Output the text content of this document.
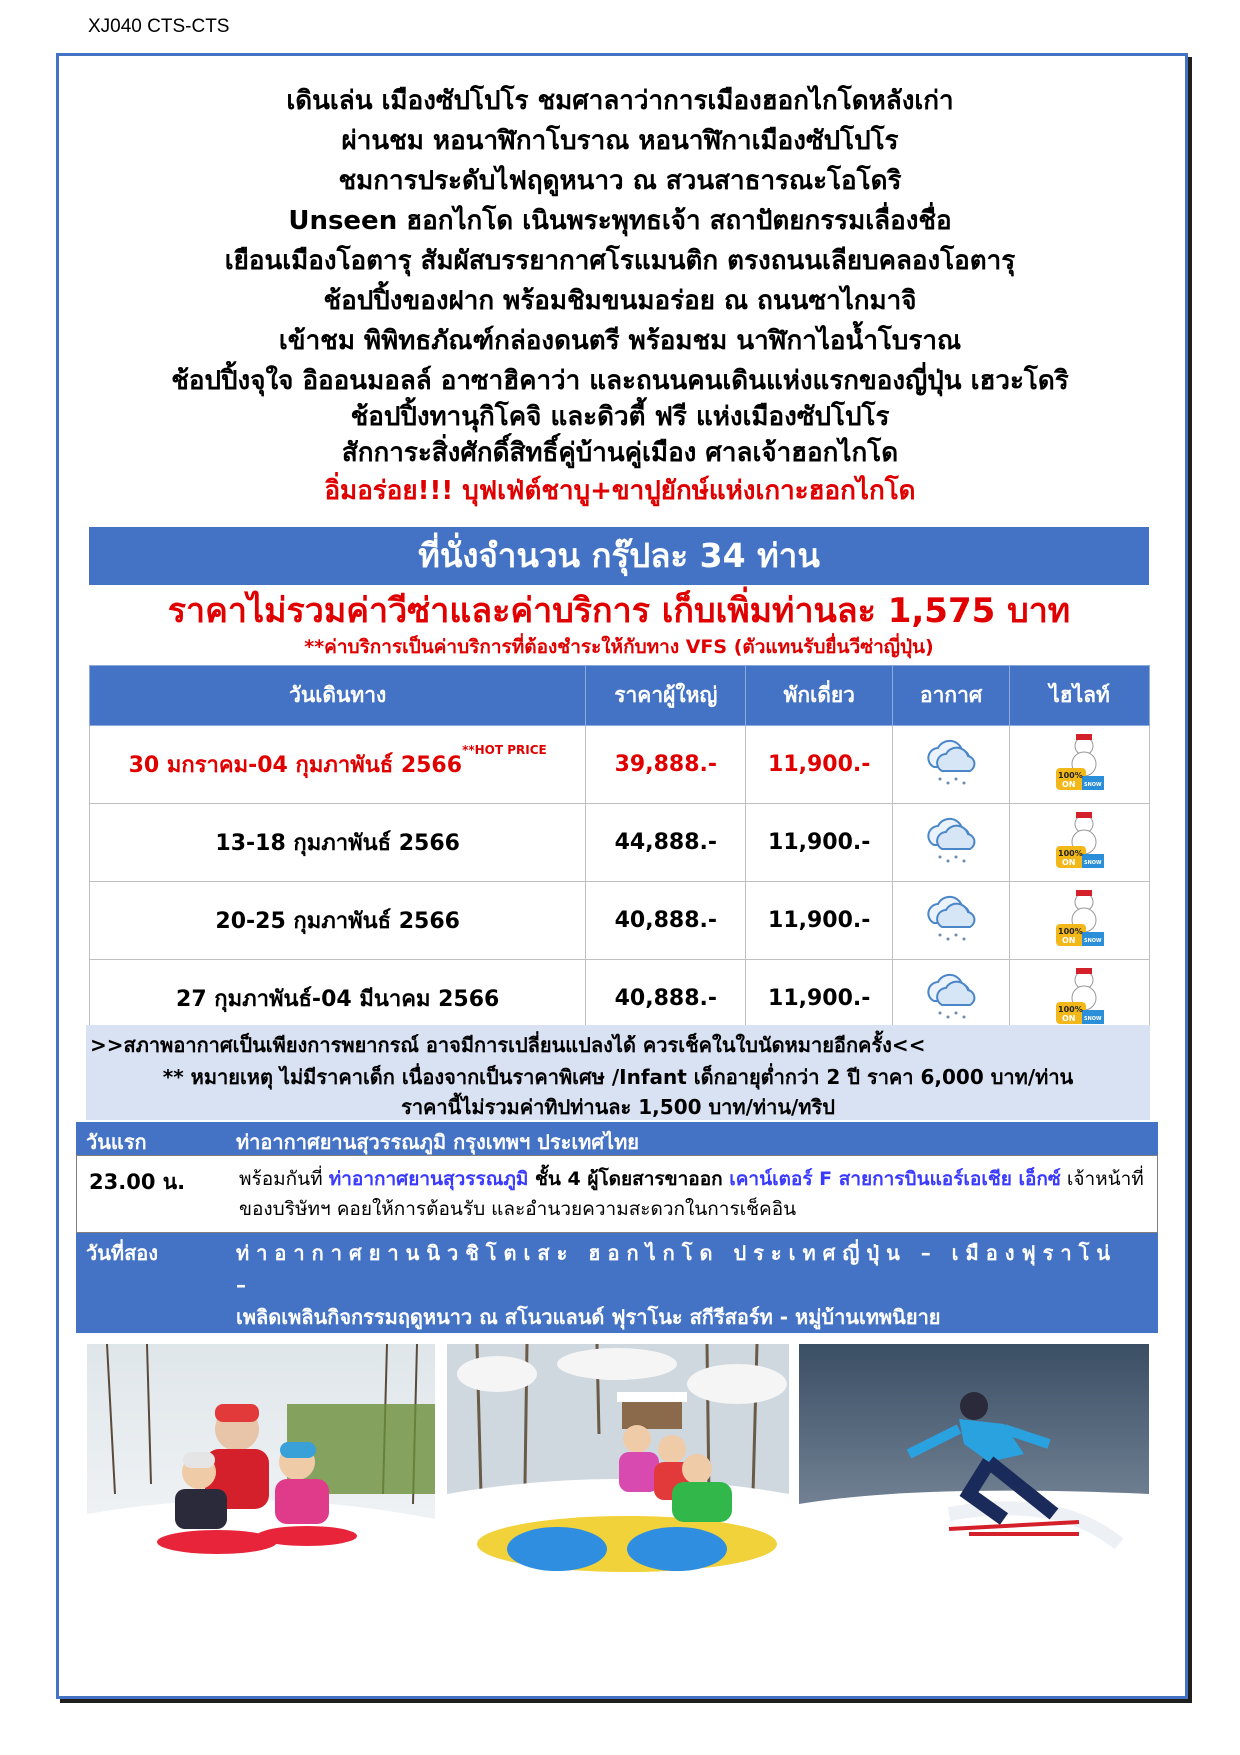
XJ040 CTS-CTS
เดินเล่น เมืองซัปโปโร ชมศาลาว่าการเมืองฮอกไกโดหลังเก่า
ผ่านชม หอนาฬิกาโบราณ หอนาฬิกาเมืองซัปโปโร
ชมการประดับไฟฤดูหนาว ณ สวนสาธารณะโอโดริ
Unseen ฮอกไกโด เนินพระพุทธเจ้า สถาปัตยกรรมเลื่องชื่อ
เยือนเมืองโอตารุ สัมผัสบรรยากาศโรแมนติก ตรงถนนเลียบคลองโอตารุ
ช้อปปิ้งของฝาก พร้อมชิมขนมอร่อย ณ ถนนซาไกมาจิ
เข้าชม พิพิทธภัณฑ์กล่องดนตรี พร้อมชม นาฬิกาไอน้ำโบราณ
ช้อปปิ้งจุใจ อิออนมอลล์ อาซาฮิคาว่า และถนนคนเดินแห่งแรกของญี่ปุ่น เฮวะโดริ
ช้อปปิ้งทานุกิโคจิ และดิวตี้ ฟรี แห่งเมืองซัปโปโร
สักการะสิ่งศักดิ์สิทธิ์คู่บ้านคู่เมือง ศาลเจ้าฮอกไกโด
อิ่มอร่อย!!! บุฟเฟ่ต์ชาบู+ขาปูยักษ์แห่งเกาะฮอกไกโด
ที่นั่งจำนวน กรุ๊ปละ 34 ท่าน
ราคาไม่รวมค่าวีซ่าและค่าบริการ เก็บเพิ่มท่านละ 1,575 บาท
**ค่าบริการเป็นค่าบริการที่ต้องชำระให้กับทาง VFS (ตัวแทนรับยื่นวีซ่าญี่ปุ่น)
วันเดินทาง	ราคาผู้ใหญ่	พักเดี่ยว	อากาศ	ไฮไลท์
30 มกราคม-04 กุมภาพันธ์ $2566^{**HOT PRICE}$	39,888.-	11,900.-		100%
ON SNOW

13-18 กุมภาพันธ์ 2566	44,888.-	11,900.-		100%
ON SNOW

20-25 กุมภาพันธ์ 2566	40,888.-	11,900.-		100%
ON SNOW

27 กุมภาพันธ์-04 มีนาคม 2566	40,888.-	11,900.-		100%
ON SNOW
>>สภาพอากาศเป็นเพียงการพยากรณ์ อาจมีการเปลี่ยนแปลงได้ ควรเช็คในใบนัดหมายอีกครั้ง<<
** หมายเหตุ ไม่มีราคาเด็ก เนื่องจากเป็นราคาพิเศษ /Infant เด็กอายุต่ำกว่า 2 ปี ราคา 6,000 บาท/ท่าน
ราคานี้ไม่รวมค่าทิปท่านละ 1,500 บาท/ท่าน/ทริป
วันแรก	ท่าอากาศยานสุวรรณภูมิ กรุงเทพฯ ประเทศไทย
23.00 น.	พร้อมกันที่ ท่าอากาศยานสุวรรณภูมิ ชั้น 4 ผู้โดยสารขาออก เคาน์เตอร์ F สายการบินแอร์เอเชีย เอ็กซ์ เจ้าหน้าที่ของบริษัทฯ คอยให้การต้อนรับ และอำนวยความสะดวกในการเช็คอิน
วันที่สอง	ท่าอากาศยานนิวชิโตเสะ ฮอกไกโด ประเทศญี่ปุ่น – เมืองฟุราโน่ –
เพลิดเพลินกิจกรรมฤดูหนาว ณ สโนวแลนด์ ฟุราโนะ สกีรีสอร์ท - หมู่บ้านเทพนิยาย
